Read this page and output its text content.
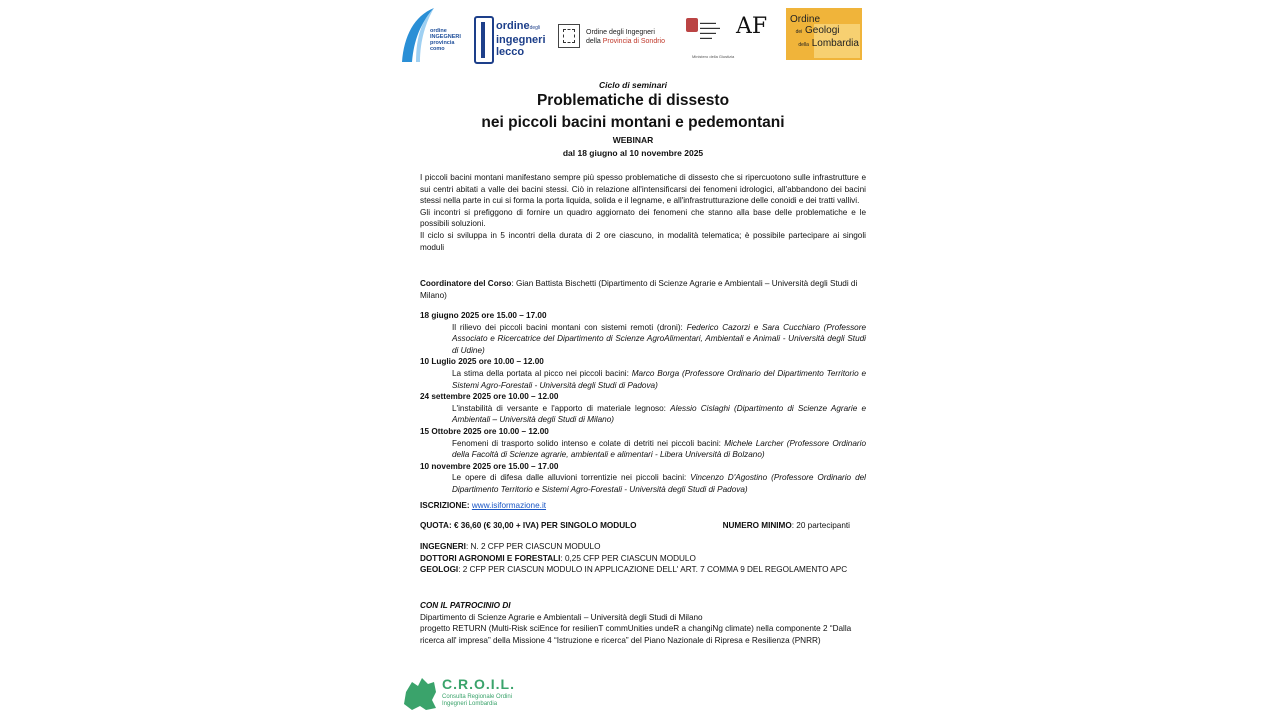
ordine
INGEGNERI
provincia
como
ordinedegli
ingegneri
lecco
Ordine degli Ingegneri
della Provincia di Sondrio
▬▬▬▬
▬▬▬▬▬
▬▬▬▬
▬▬▬	AF
Ministero della Giustizia
Ordine
dei Geologi
della Lombardia
Ciclo di seminari
Problematiche di dissesto
nei piccoli bacini montani e pedemontani
WEBINAR
dal 18 giugno al 10 novembre 2025

I piccoli bacini montani manifestano sempre più spesso problematiche di dissesto che si ripercuotono sulle infrastrutture e sui centri abitati a valle dei bacini stessi. Ciò in relazione all'intensificarsi dei fenomeni idrologici, all'abbandono dei bacini stessi nella parte in cui si forma la porta liquida, solida e il legname, e all'infrastrutturazione delle conoidi e dei tratti vallivi.

Gli incontri si prefiggono di fornire un quadro aggiornato dei fenomeni che stanno alla base delle problematiche e le possibili soluzioni.

Il ciclo si sviluppa in 5 incontri della durata di 2 ore ciascuno, in modalità telematica; è possibile partecipare ai singoli moduli

Coordinatore del Corso: Gian Battista Bischetti (Dipartimento di Scienze Agrarie e Ambientali – Università degli Studi di Milano)
18 giugno 2025 ore 15.00 – 17.00
Il rilievo dei piccoli bacini montani con sistemi remoti (droni): Federico Cazorzi e Sara Cucchiaro (Professore Associato e Ricercatrice del Dipartimento di Scienze AgroAlimentari, Ambientali e Animali - Università degli Studi di Udine)
10 Luglio 2025 ore 10.00 – 12.00
La stima della portata al picco nei piccoli bacini: Marco Borga (Professore Ordinario del Dipartimento Territorio e Sistemi Agro-Forestali - Università degli Studi di Padova)
24 settembre 2025 ore 10.00 – 12.00
L'instabilità di versante e l'apporto di materiale legnoso: Alessio Cislaghi (Dipartimento di Scienze Agrarie e Ambientali – Università degli Studi di Milano)
15 Ottobre 2025 ore 10.00 – 12.00
Fenomeni di trasporto solido intenso e colate di detriti nei piccoli bacini: Michele Larcher (Professore Ordinario della Facoltà di Scienze agrarie, ambientali e alimentari - Libera Università di Bolzano)
10 novembre 2025 ore 15.00 – 17.00
Le opere di difesa dalle alluvioni torrentizie nei piccoli bacini: Vincenzo D'Agostino (Professore Ordinario del Dipartimento Territorio e Sistemi Agro-Forestali - Università degli Studi di Padova)
ISCRIZIONE: www.isiformazione.it
QUOTA: € 36,60 (€ 30,00 + IVA) PER SINGOLO MODULO	NUMERO MINIMO: 20 partecipanti
INGEGNERI: N. 2 CFP PER CIASCUN MODULO
DOTTORI AGRONOMI E FORESTALI: 0,25 CFP PER CIASCUN MODULO
GEOLOGI: 2 CFP PER CIASCUN MODULO IN APPLICAZIONE DELL' ART. 7 COMMA 9 DEL REGOLAMENTO APC
CON IL PATROCINIO DI
Dipartimento di Scienze Agrarie e Ambientali – Università degli Studi di Milano
progetto RETURN (Multi-Risk sciEnce for resilienT commUnities undeR a changiNg climate) nella componente 2 “Dalla ricerca all' impresa” della Missione 4 “Istruzione e ricerca” del Piano Nazionale di Ripresa e Resilienza (PNRR)
C.R.O.I.L.
Consulta Regionale Ordini
Ingegneri Lombardia
